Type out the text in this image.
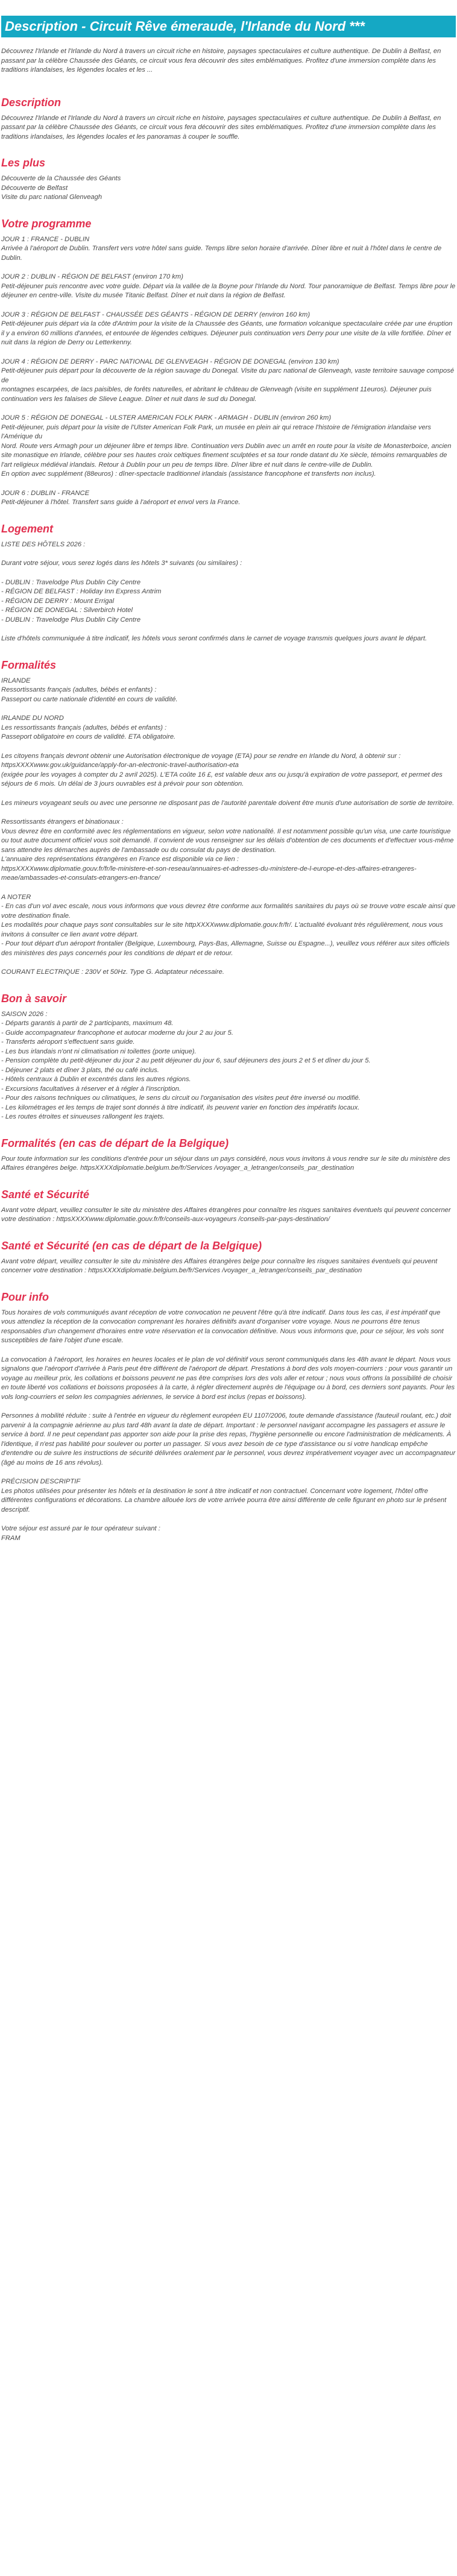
Description - Circuit Rêve émeraude, l'Irlande du Nord ***

Découvrez l'Irlande et l'Irlande du Nord à travers un circuit riche en histoire, paysages spectaculaires et culture authentique. De Dublin à Belfast, en passant par la célèbre Chaussée des Géants, ce circuit vous fera découvrir des sites emblématiques. Profitez d'une immersion complète dans les traditions irlandaises, les légendes locales et les ...

Description

Découvrez l'Irlande et l'Irlande du Nord à travers un circuit riche en histoire, paysages spectaculaires et culture authentique. De Dublin à Belfast, en passant par la célèbre Chaussée des Géants, ce circuit vous fera découvrir des sites emblématiques. Profitez d'une immersion complète dans les traditions irlandaises, les légendes locales et les panoramas à couper le souffle.

Les plus

Découverte de la Chaussée des Géants

Découverte de Belfast

Visite du parc national Glenveagh

Votre programme

JOUR 1 : FRANCE - DUBLIN

Arrivée à l'aéroport de Dublin. Transfert vers votre hôtel sans guide. Temps libre selon horaire d'arrivée. Dîner libre et nuit à l'hôtel dans le centre de Dublin.

JOUR 2 : DUBLIN - RÉGION DE BELFAST (environ 170 km)

Petit-déjeuner puis rencontre avec votre guide. Départ via la vallée de la Boyne pour l'Irlande du Nord. Tour panoramique de Belfast. Temps libre pour le déjeuner en centre-ville. Visite du musée Titanic Belfast. Dîner et nuit dans la région de Belfast.

JOUR 3 : RÉGION DE BELFAST - CHAUSSÉE DES GÉANTS - RÉGION DE DERRY (environ 160 km)

Petit-déjeuner puis départ via la côte d'Antrim pour la visite de la Chaussée des Géants, une formation volcanique spectaculaire créée par une éruption il y a environ 60 millions d'années, et entourée de légendes celtiques. Déjeuner puis continuation vers Derry pour une visite de la ville fortifiée. Dîner et nuit dans la région de Derry ou Letterkenny.

JOUR 4 : RÉGION DE DERRY - PARC NATIONAL DE GLENVEAGH - RÉGION DE DONEGAL (environ 130 km)

Petit-déjeuner puis départ pour la découverte de la région sauvage du Donegal. Visite du parc national de Glenveagh, vaste territoire sauvage composé de

montagnes escarpées, de lacs paisibles, de forêts naturelles, et abritant le château de Glenveagh (visite en supplément 11euros). Déjeuner puis continuation vers les falaises de Slieve League. Dîner et nuit dans le sud du Donegal.

JOUR 5 : RÉGION DE DONEGAL - ULSTER AMERICAN FOLK PARK - ARMAGH - DUBLIN (environ 260 km)

Petit-déjeuner, puis départ pour la visite de l'Ulster American Folk Park, un musée en plein air qui retrace l'histoire de l'émigration irlandaise vers l'Amérique du

Nord. Route vers Armagh pour un déjeuner libre et temps libre. Continuation vers Dublin avec un arrêt en route pour la visite de Monasterboice, ancien site monastique en Irlande, célèbre pour ses hautes croix celtiques finement sculptées et sa tour ronde datant du Xe siècle, témoins remarquables de l'art religieux médiéval irlandais. Retour à Dublin pour un peu de temps libre. Dîner libre et nuit dans le centre-ville de Dublin.

En option avec supplément (88euros) : dîner-spectacle traditionnel irlandais (assistance francophone et transferts non inclus).

JOUR 6 : DUBLIN - FRANCE

Petit-déjeuner à l'hôtel. Transfert sans guide à l'aéroport et envol vers la France.

Logement

LISTE DES HÔTELS 2026 :

Durant votre séjour, vous serez logés dans les hôtels 3* suivants (ou similaires) :

- DUBLIN : Travelodge Plus Dublin City Centre

- RÉGION DE BELFAST : Holiday Inn Express Antrim

- RÉGION DE DERRY : Mount Errigal

- RÉGION DE DONEGAL : Silverbirch Hotel

- DUBLIN : Travelodge Plus Dublin City Centre

Liste d'hôtels communiquée à titre indicatif, les hôtels vous seront confirmés dans le carnet de voyage transmis quelques jours avant le départ.

Formalités

IRLANDE

Ressortissants français (adultes, bébés et enfants) :

Passeport ou carte nationale d'identité en cours de validité.

IRLANDE DU NORD

Les ressortissants français (adultes, bébés et enfants) :

Passeport obligatoire en cours de validité. ETA obligatoire.

Les citoyens français devront obtenir une Autorisation électronique de voyage (ETA) pour se rendre en Irlande du Nord, à obtenir sur : httpsXXXXwww.gov.uk/guidance/apply-for-an-electronic-travel-authorisation-eta

(exigée pour les voyages à compter du 2 avril 2025). L'ETA coûte 16 £, est valable deux ans ou jusqu'à expiration de votre passeport, et permet des séjours de 6 mois. Un délai de 3 jours ouvrables est à prévoir pour son obtention.

Les mineurs voyageant seuls ou avec une personne ne disposant pas de l'autorité parentale doivent être munis d'une autorisation de sortie de territoire.

Ressortissants étrangers et binationaux :

Vous devrez être en conformité avec les réglementations en vigueur, selon votre nationalité. Il est notamment possible qu'un visa, une carte touristique ou tout autre document officiel vous soit demandé. Il convient de vous renseigner sur les délais d'obtention de ces documents et d'effectuer vous-même sans attendre les démarches auprès de l'ambassade ou du consulat du pays de destination.

L'annuaire des représentations étrangères en France est disponible via ce lien :

httpsXXXXwww.diplomatie.gouv.fr/fr/le-ministere-et-son-reseau/annuaires-et-adresses-du-ministere-de-l-europe-et-des-affaires-etrangeres-meae/ambassades-et-consulats-etrangers-en-france/

A NOTER

- En cas d'un vol avec escale, nous vous informons que vous devrez être conforme aux formalités sanitaires du pays où se trouve votre escale ainsi que votre destination finale.

Les modalités pour chaque pays sont consultables sur le site httpXXXXwww.diplomatie.gouv.fr/fr/. L'actualité évoluant très régulièrement, nous vous invitons à consulter ce lien avant votre départ.

- Pour tout départ d'un aéroport frontalier (Belgique, Luxembourg, Pays-Bas, Allemagne, Suisse ou Espagne...), veuillez vous référer aux sites officiels des ministères des pays concernés pour les conditions de départ et de retour.

COURANT ELECTRIQUE : 230V et 50Hz. Type G. Adaptateur nécessaire.

Bon à savoir

SAISON 2026 :

- Départs garantis à partir de 2 participants, maximum 48.

- Guide accompagnateur francophone et autocar moderne du jour 2 au jour 5.

- Transferts aéroport s'effectuent sans guide.

- Les bus irlandais n'ont ni climatisation ni toilettes (porte unique).

- Pension complète du petit-déjeuner du jour 2 au petit déjeuner du jour 6, sauf déjeuners des jours 2 et 5 et dîner du jour 5.

- Déjeuner 2 plats et dîner 3 plats, thé ou café inclus.

- Hôtels centraux à Dublin et excentrés dans les autres régions.

- Excursions facultatives à réserver et à régler à l'inscription.

- Pour des raisons techniques ou climatiques, le sens du circuit ou l'organisation des visites peut être inversé ou modifié.

- Les kilométrages et les temps de trajet sont donnés à titre indicatif, ils peuvent varier en fonction des impératifs locaux.

- Les routes étroites et sinueuses rallongent les trajets.

Formalités (en cas de départ de la Belgique)

Pour toute information sur les conditions d'entrée pour un séjour dans un pays considéré, nous vous invitons à vous rendre sur le site du ministère des Affaires étrangères belge. httpsXXXXdiplomatie.belgium.be/fr/Services /voyager_a_letranger/conseils_par_destination

Santé et Sécurité

Avant votre départ, veuillez consulter le site du ministère des Affaires étrangères pour connaître les risques sanitaires éventuels qui peuvent concerner votre destination : httpsXXXXwww.diplomatie.gouv.fr/fr/conseils-aux-voyageurs /conseils-par-pays-destination/

Santé et Sécurité (en cas de départ de la Belgique)

Avant votre départ, veuillez consulter le site du ministère des Affaires étrangères belge pour connaître les risques sanitaires éventuels qui peuvent concerner votre destination : httpsXXXXdiplomatie.belgium.be/fr/Services /voyager_a_letranger/conseils_par_destination

Pour info

Tous horaires de vols communiqués avant réception de votre convocation ne peuvent l'être qu'à titre indicatif. Dans tous les cas, il est impératif que vous attendiez la réception de la convocation comprenant les horaires définitifs avant d'organiser votre voyage. Nous ne pourrons être tenus responsables d'un changement d'horaires entre votre réservation et la convocation définitive. Nous vous informons que, pour ce séjour, les vols sont susceptibles de faire l'objet d'une escale.

La convocation à l'aéroport, les horaires en heures locales et le plan de vol définitif vous seront communiqués dans les 48h avant le départ. Nous vous signalons que l'aéroport d'arrivée à Paris peut être différent de l'aéroport de départ. Prestations à bord des vols moyen-courriers : pour vous garantir un voyage au meilleur prix, les collations et boissons peuvent ne pas être comprises lors des vols aller et retour ; nous vous offrons la possibilité de choisir en toute liberté vos collations et boissons proposées à la carte, à régler directement auprès de l'équipage ou à bord, ces derniers sont payants. Pour les vols long-courriers et selon les compagnies aériennes, le service à bord est inclus (repas et boissons).

Personnes à mobilité réduite : suite à l'entrée en vigueur du règlement européen EU 1107/2006, toute demande d'assistance (fauteuil roulant, etc.) doit parvenir à la compagnie aérienne au plus tard 48h avant la date de départ. Important : le personnel navigant accompagne les passagers et assure le service à bord. Il ne peut cependant pas apporter son aide pour la prise des repas, l'hygiène personnelle ou encore l'administration de médicaments. À l'identique, il n'est pas habilité pour soulever ou porter un passager. Si vous avez besoin de ce type d'assistance ou si votre handicap empêche d'entendre ou de suivre les instructions de sécurité délivrées oralement par le personnel, vous devrez impérativement voyager avec un accompagnateur (âgé au moins de 16 ans révolus).

PRÉCISION DESCRIPTIF
Les photos utilisées pour présenter les hôtels et la destination le sont à titre indicatif et non contractuel. Concernant votre logement, l'hôtel offre différentes configurations et décorations. La chambre allouée lors de votre arrivée pourra être ainsi différente de celle figurant en photo sur le présent descriptif.

Votre séjour est assuré par le tour opérateur suivant :
FRAM
